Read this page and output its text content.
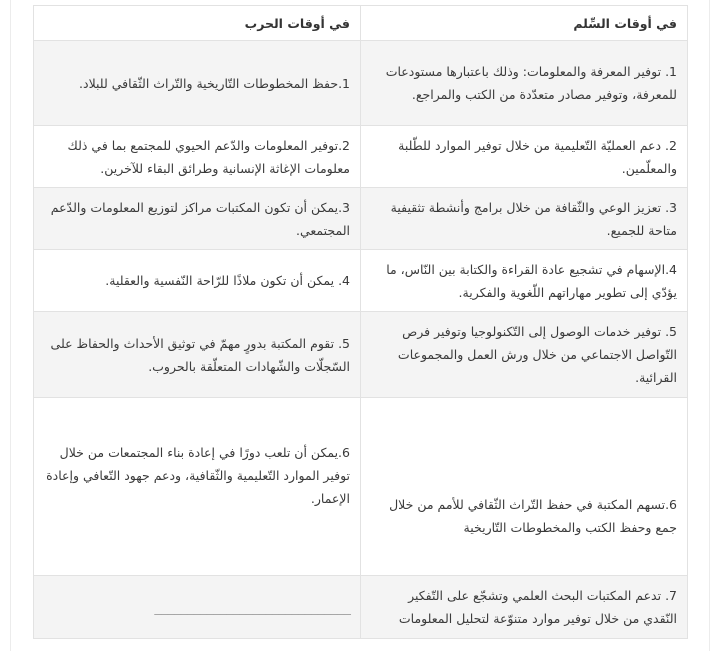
في أوقات السِّلم	في أوقات الحرب
1. توفير المعرفة والمعلومات: وذلك باعتبارها مستودعات للمعرفة، وتوفير مصادر متعدّدة من الكتب والمراجع.	1.حفظ المخطوطات التّاريخية والتّراث الثّقافي للبلاد.
2. دعم العمليّة التّعليمية من خلال توفير الموارد للطّلبة والمعلّمين.	2.توفير المعلومات والدّعم الحيوي للمجتمع بما في ذلك معلومات الإغاثة الإنسانية وطرائق البقاء للآخرين.
3. تعزيز الوعي والثّقافة من خلال برامج وأنشطة تثقيفية متاحة للجميع.	3.يمكن أن تكون المكتبات مراكز لتوزيع المعلومات والدّعم المجتمعي.
4.الإسهام في تشجيع عادة القراءة والكتابة بين النّاس، ما يؤدّي إلى تطوير مهاراتهم اللّغوية والفكرية.	4. يمكن أن تكون ملاذًا للرّاحة النّفسية والعقلية.
5. توفير خدمات الوصول إلى التّكنولوجيا وتوفير فرص التّواصل الاجتماعي من خلال ورش العمل والمجموعات القرائية.	5. تقوم المكتبة بدورٍ مهمّ في توثيق الأحداث والحفاظ على السّجلّات والشّهادات المتعلّقة بالحروب.
6.تسهم المكتبة في حفظ التّراث الثّقافي للأمم من خلال جمع وحفظ الكتب والمخطوطات التّاريخية	6.يمكن أن تلعب دورًا في إعادة بناء المجتمعات من خلال توفير الموارد التّعليمية والثّقافية، ودعم جهود التّعافي وإعادة الإعمار.
7. تدعم المكتبات البحث العلمي وتشجّع على التّفكير النّقدي من خلال توفير موارد متنوّعة لتحليل المعلومات	______________________________
